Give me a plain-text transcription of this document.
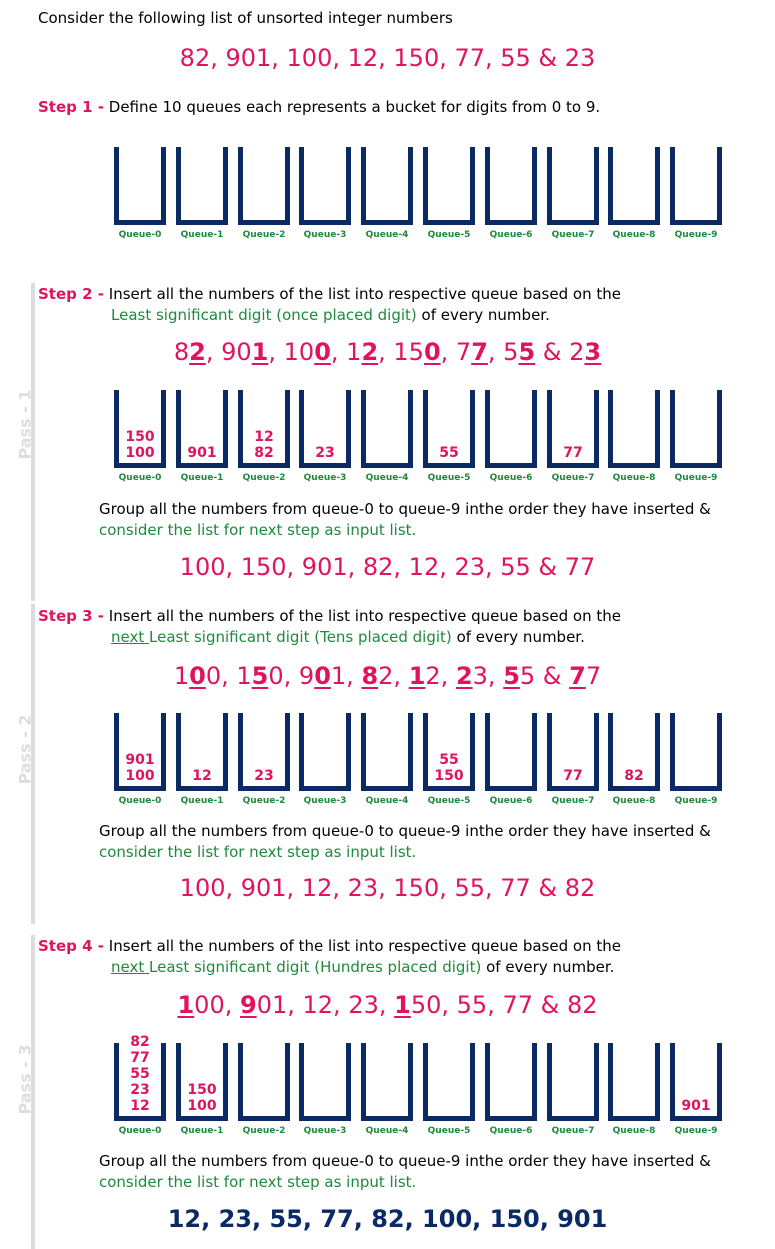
Consider the following list of unsorted integer numbers
82, 901, 100, 12, 150, 77, 55 & 23
Step 1 - Define 10 queues each represents a bucket for digits from 0 to 9.
Queue-0	Queue-1	Queue-2	Queue-3	Queue-4	Queue-5	Queue-6	Queue-7	Queue-8	Queue-9
Pass - 1
Step 2 - Insert all the numbers of the list into respective queue based on the
Least significant digit (once placed digit) of every number.
82, 901, 100, 12, 150, 77, 55 & 23
150
100
Queue-0
901
Queue-1
12
82
Queue-2
23
Queue-3	Queue-4
55
Queue-5	Queue-6
77
Queue-7	Queue-8	Queue-9
Group all the numbers from queue-0 to queue-9 inthe order they have inserted &
consider the list for next step as input list.
100, 150, 901, 82, 12, 23, 55 & 77
Pass - 2
Step 3 - Insert all the numbers of the list into respective queue based on the
next Least significant digit (Tens placed digit) of every number.
100, 150, 901, 82, 12, 23, 55 & 77
901
100
Queue-0
12
Queue-1
23
Queue-2	Queue-3	Queue-4
55
150
Queue-5	Queue-6
77
Queue-7
82
Queue-8	Queue-9
Group all the numbers from queue-0 to queue-9 inthe order they have inserted &
consider the list for next step as input list.
100, 901, 12, 23, 150, 55, 77 & 82
Pass - 3
Step 4 - Insert all the numbers of the list into respective queue based on the
next Least significant digit (Hundres placed digit) of every number.
100, 901, 12, 23, 150, 55, 77 & 82
82
77
55
23
12
Queue-0
150
100
Queue-1	Queue-2	Queue-3	Queue-4	Queue-5	Queue-6	Queue-7	Queue-8
901
Queue-9
Group all the numbers from queue-0 to queue-9 inthe order they have inserted &
consider the list for next step as input list.
12, 23, 55, 77, 82, 100, 150, 901
